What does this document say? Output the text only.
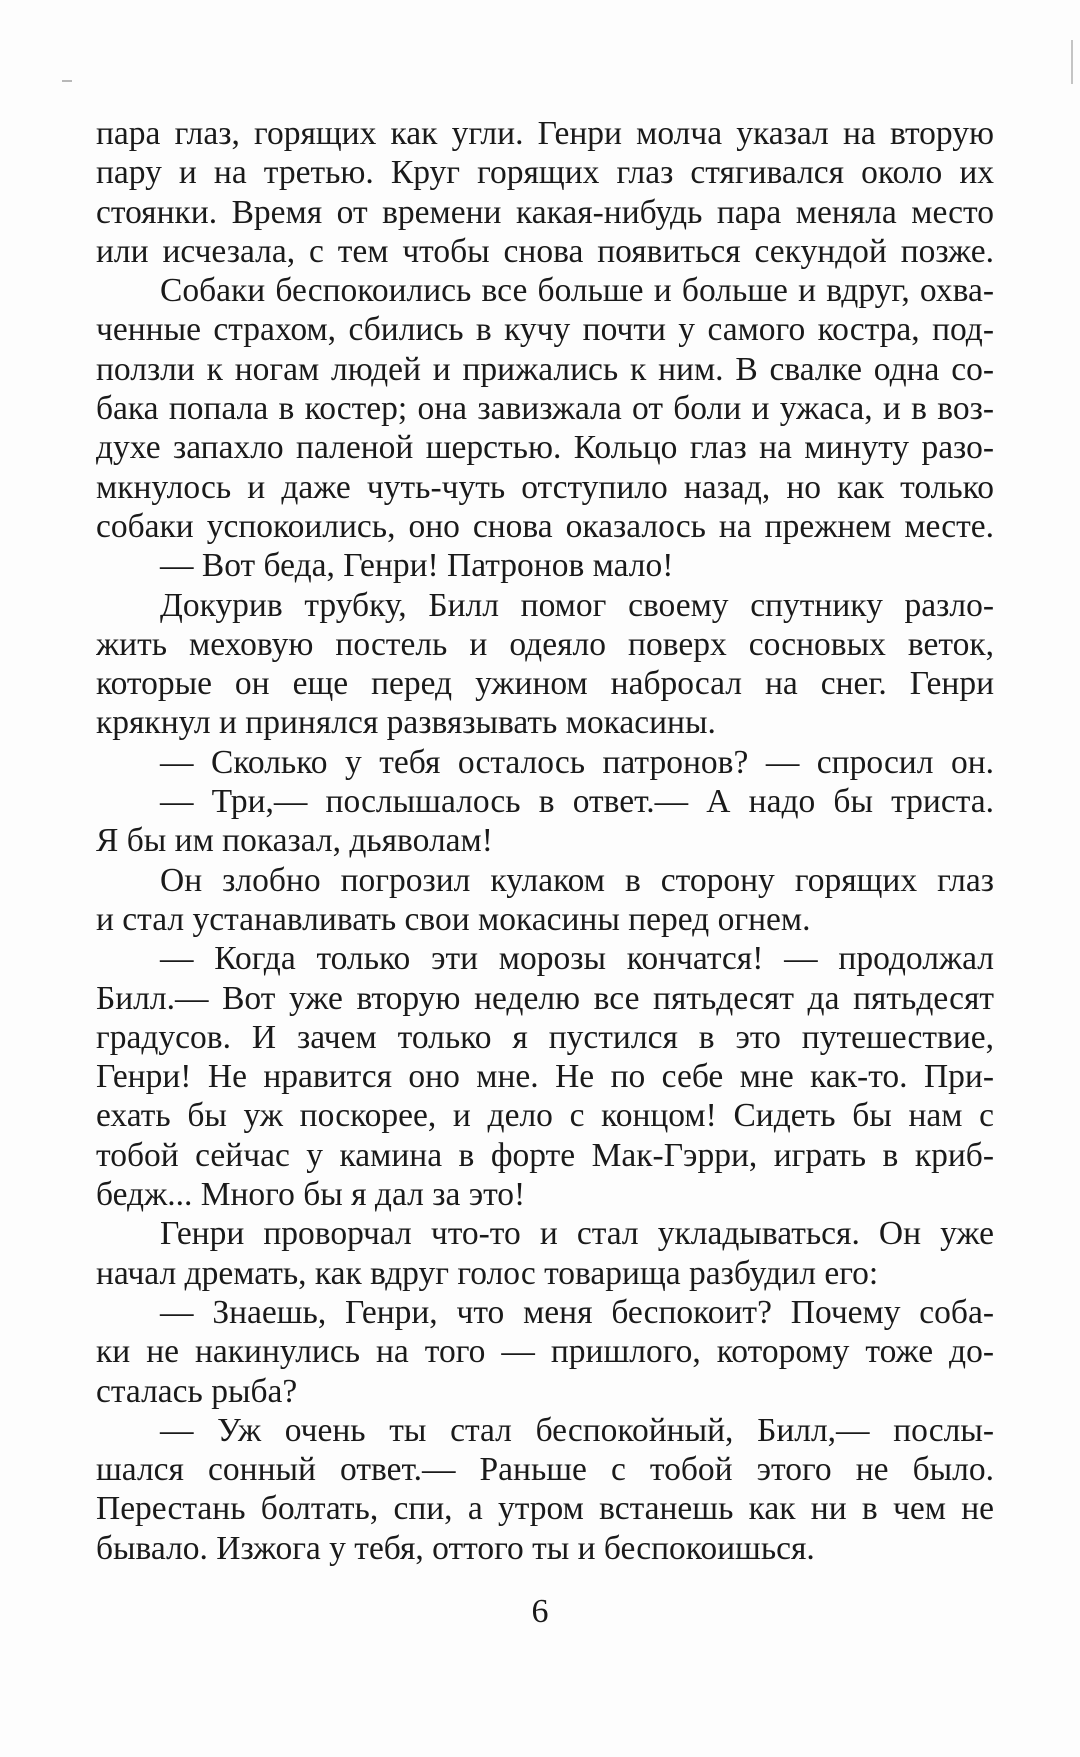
пара глаз, горящих как угли. Генри молча указал на вторую
пару и на третью. Круг горящих глаз стягивался около их
стоянки. Время от времени какая-нибудь пара меняла место
или исчезала, с тем чтобы снова появиться секундой позже.
Собаки беспокоились все больше и больше и вдруг, охва-
ченные страхом, сбились в кучу почти у самого костра, под-
ползли к ногам людей и прижались к ним. В свалке одна со-
бака попала в костер; она завизжала от боли и ужаса, и в воз-
духе запахло паленой шерстью. Кольцо глаз на минуту разо-
мкнулось и даже чуть-чуть отступило назад, но как только
собаки успокоились, оно снова оказалось на прежнем месте.
— Вот беда, Генри! Патронов мало!
Докурив трубку, Билл помог своему спутнику разло-
жить меховую постель и одеяло поверх сосновых веток,
которые он еще перед ужином набросал на снег. Генри
крякнул и принялся развязывать мокасины.
— Сколько у тебя осталось патронов? — спросил он.
— Три,— послышалось в ответ.— А надо бы триста.
Я бы им показал, дьяволам!
Он злобно погрозил кулаком в сторону горящих глаз
и стал устанавливать свои мокасины перед огнем.
— Когда только эти морозы кончатся! — продолжал
Билл.— Вот уже вторую неделю все пятьдесят да пятьдесят
градусов. И зачем только я пустился в это путешествие,
Генри! Не нравится оно мне. Не по себе мне как-то. При-
ехать бы уж поскорее, и дело с концом! Сидеть бы нам с
тобой сейчас у камина в форте Мак-Гэрри, играть в криб-
бедж... Много бы я дал за это!
Генри проворчал что-то и стал укладываться. Он уже
начал дремать, как вдруг голос товарища разбудил его:
— Знаешь, Генри, что меня беспокоит? Почему соба-
ки не накинулись на того — пришлого, которому тоже до-
сталась рыба?
— Уж очень ты стал беспокойный, Билл,— послы-
шался сонный ответ.— Раньше с тобой этого не было.
Перестань болтать, спи, а утром встанешь как ни в чем не
бывало. Изжога у тебя, оттого ты и беспокоишься.
6
